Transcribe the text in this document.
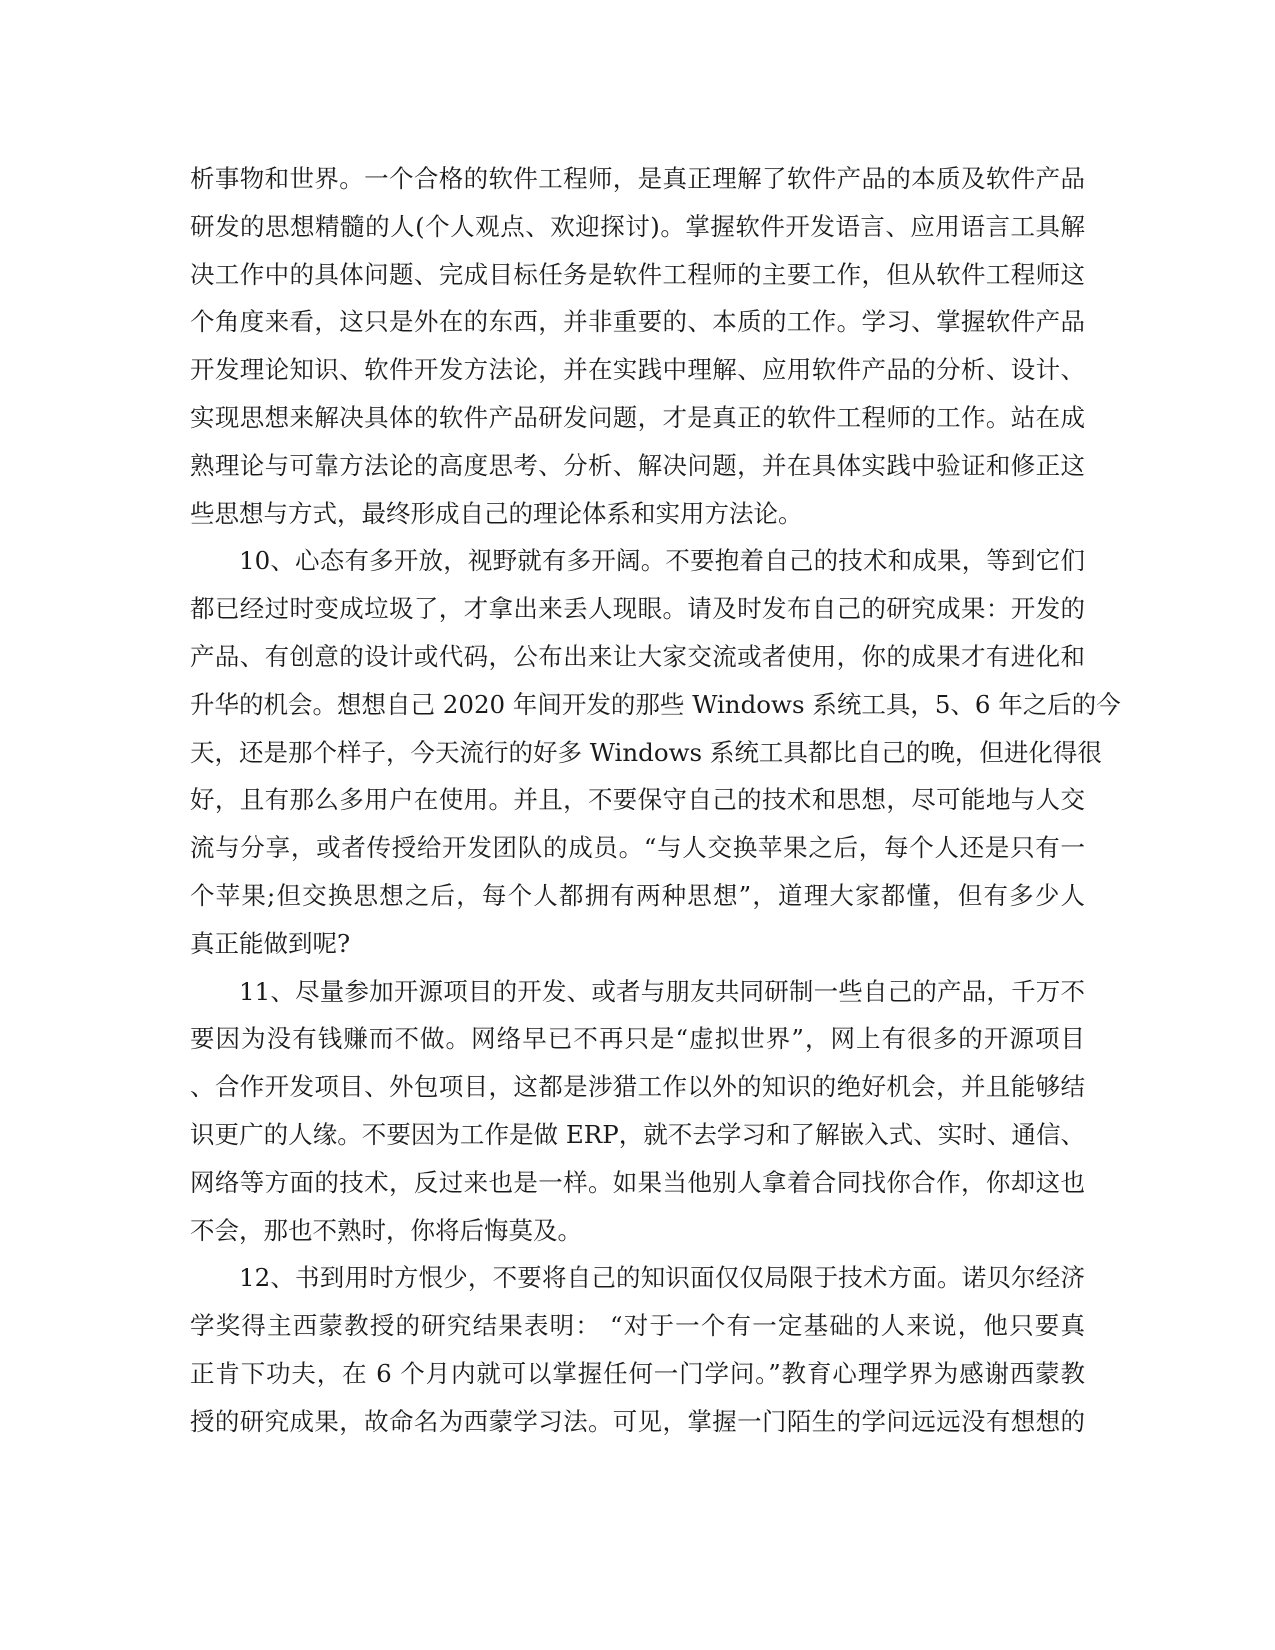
析事物和世界。一个合格的软件工程师，是真正理解了软件产品的本质及软件产品
研发的思想精髓的人(个人观点、欢迎探讨)。掌握软件开发语言、应用语言工具解
决工作中的具体问题、完成目标任务是软件工程师的主要工作，但从软件工程师这
个角度来看，这只是外在的东西，并非重要的、本质的工作。学习、掌握软件产品
开发理论知识、软件开发方法论，并在实践中理解、应用软件产品的分析、设计、
实现思想来解决具体的软件产品研发问题，才是真正的软件工程师的工作。站在成
熟理论与可靠方法论的高度思考、分析、解决问题，并在具体实践中验证和修正这
些思想与方式，最终形成自己的理论体系和实用方法论。
10、心态有多开放，视野就有多开阔。不要抱着自己的技术和成果，等到它们
都已经过时变成垃圾了，才拿出来丢人现眼。请及时发布自己的研究成果：开发的
产品、有创意的设计或代码，公布出来让大家交流或者使用，你的成果才有进化和
升华的机会。想想自己 2020 年间开发的那些 Windows 系统工具，5、6 年之后的今
天，还是那个样子，今天流行的好多 Windows 系统工具都比自己的晚，但进化得很
好，且有那么多用户在使用。并且，不要保守自己的技术和思想，尽可能地与人交
流与分享，或者传授给开发团队的成员。“与人交换苹果之后，每个人还是只有一
个苹果;但交换思想之后，每个人都拥有两种思想”，道理大家都懂，但有多少人
真正能做到呢?
11、尽量参加开源项目的开发、或者与朋友共同研制一些自己的产品，千万不
要因为没有钱赚而不做。网络早已不再只是“虚拟世界”，网上有很多的开源项目
、合作开发项目、外包项目，这都是涉猎工作以外的知识的绝好机会，并且能够结
识更广的人缘。不要因为工作是做 ERP，就不去学习和了解嵌入式、实时、通信、
网络等方面的技术，反过来也是一样。如果当他别人拿着合同找你合作，你却这也
不会，那也不熟时，你将后悔莫及。
12、书到用时方恨少，不要将自己的知识面仅仅局限于技术方面。诺贝尔经济
学奖得主西蒙教授的研究结果表明： “对于一个有一定基础的人来说，他只要真
正肯下功夫，在 6 个月内就可以掌握任何一门学问。”教育心理学界为感谢西蒙教
授的研究成果，故命名为西蒙学习法。可见，掌握一门陌生的学问远远没有想想的
